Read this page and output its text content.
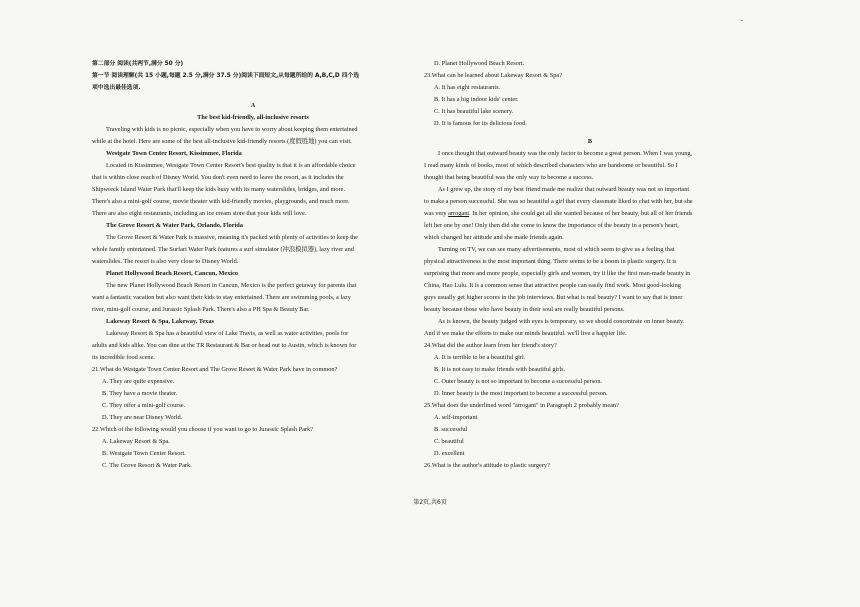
-

第二部分 阅读(共两节,满分 50 分)

第一节 阅读理解(共 15 小题,每题 2.5 分,满分 37.5 分)阅读下面短文,从每题所给的 A,B,C,D 四个选

项中选出最佳选项.

A

The best kid-friendly, all-inclusive resorts

Traveling with kids is no picnic, especially when you have to worry about keeping them entertained

while at the hotel. Here are some of the best all-inclusive kid-friendly resorts (度假胜地) you can visit.

Westgate Town Center Resort, Kissimmee, Florida

Located in Kissimmee, Westgate Town Center Resort's best quality is that it is an affordable choice

that is within close reach of Disney World. You don't even need to leave the resort, as it includes the

Shipwreck Island Water Park that'll keep the kids busy with its many waterslides, bridges, and more.

There's also a mini-golf course, movie theater with kid-friendly movies, playgrounds, and much more.

There are also eight restaurants, including an ice cream store that your kids will love.

The Grove Resort & Water Park, Orlando, Florida

The Grove Resort & Water Park is massive, meaning it's packed with plenty of activities to keep the

whole family entertained. The Surfari Water Park features a surf simulator (冲浪模拟器), lazy river and

waterslides. The resort is also very close to Disney World.

Planet Hollywood Beach Resort, Cancun, Mexico

The new Planet Hollywood Beach Resort in Cancun, Mexico is the perfect getaway for parents that

want a fantastic vacation but also want their kids to stay entertained. There are swimming pools, a lazy

river, mini-golf course, and Jurassic Splash Park. There's also a PH Spa & Beauty Bar.

Lakeway Resort & Spa, Lakeway, Texas

Lakeway Resort & Spa has a beautiful view of Lake Travis, as well as water activities, pools for

adults and kids alike. You can dine at the TR Restaurant & Bar or head out to Austin, which is known for

its incredible food scene.

21.What do Westgate Town Center Resort and The Grove Resort & Water Park have in common?

A. They are quite expensive.

B. They have a movie theater.

C. They offer a mini-golf course.

D. They are near Disney World.

22.Which of the following would you choose if you want to go to Jurassic Splash Park?

A. Lakeway Resort & Spa.

B. Westgate Town Center Resort.

C. The Grove Resort & Water Park.

D. Planet Hollywood Beach Resort.

23.What can be learned about Lakeway Resort & Spa?

A. It has eight restaurants.

B. It has a big indoor kids' center.

C. It has beautiful lake scenery.

D. It is famous for its delicious food.

B

I once thought that outward beauty was the only factor to become a great person. When I was young,

I read many kinds of books, most of which described characters who are handsome or beautiful. So I

thought that being beautiful was the only way to become a success.

As I grew up, the story of my best friend made me realize that outward beauty was not so important

to make a person successful. She was so beautiful a girl that every classmate liked to chat with her, but she

was very arrogant. In her opinion, she could get all she wanted because of her beauty, but all of her friends

left her one by one! Only then did she come to know the importance of the beauty in a person's heart,

which changed her attitude and she made friends again.

Turning on TV, we can see many advertisements, most of which seem to give us a feeling that

physical attractiveness is the most important thing. There seems to be a boom in plastic surgery. It is

surprising that more and more people, especially girls and women, try it like the first man-made beauty in

China, Hao Lulu. It is a common sense that attractive people can easily find work. Most good-looking

guys usually get higher scores in the job interviews. But what is real beauty? I want to say that is inner

beauty because those who have beauty in their soul are really beautiful persons.

As is known, the beauty judged with eyes is temporary, so we should concentrate on inner beauty.

And if we make the efforts to make our minds beautiful. we'll live a happier life.

24.What did the author learn from her friend's story?

A. It is terrible to be a beautiful girl.

B. It is not easy to make friends with beautiful girls.

C. Outer beauty is not so important to become a successful person.

D. Inner beauty is the most important to become a successful person.

25.What does the underlined word "arrogant" in Paragraph 2 probably mean?

A. self-important

B. successful

C. beautiful

D. excellent

26.What is the author's attitude to plastic surgery?

第2页,共6页
